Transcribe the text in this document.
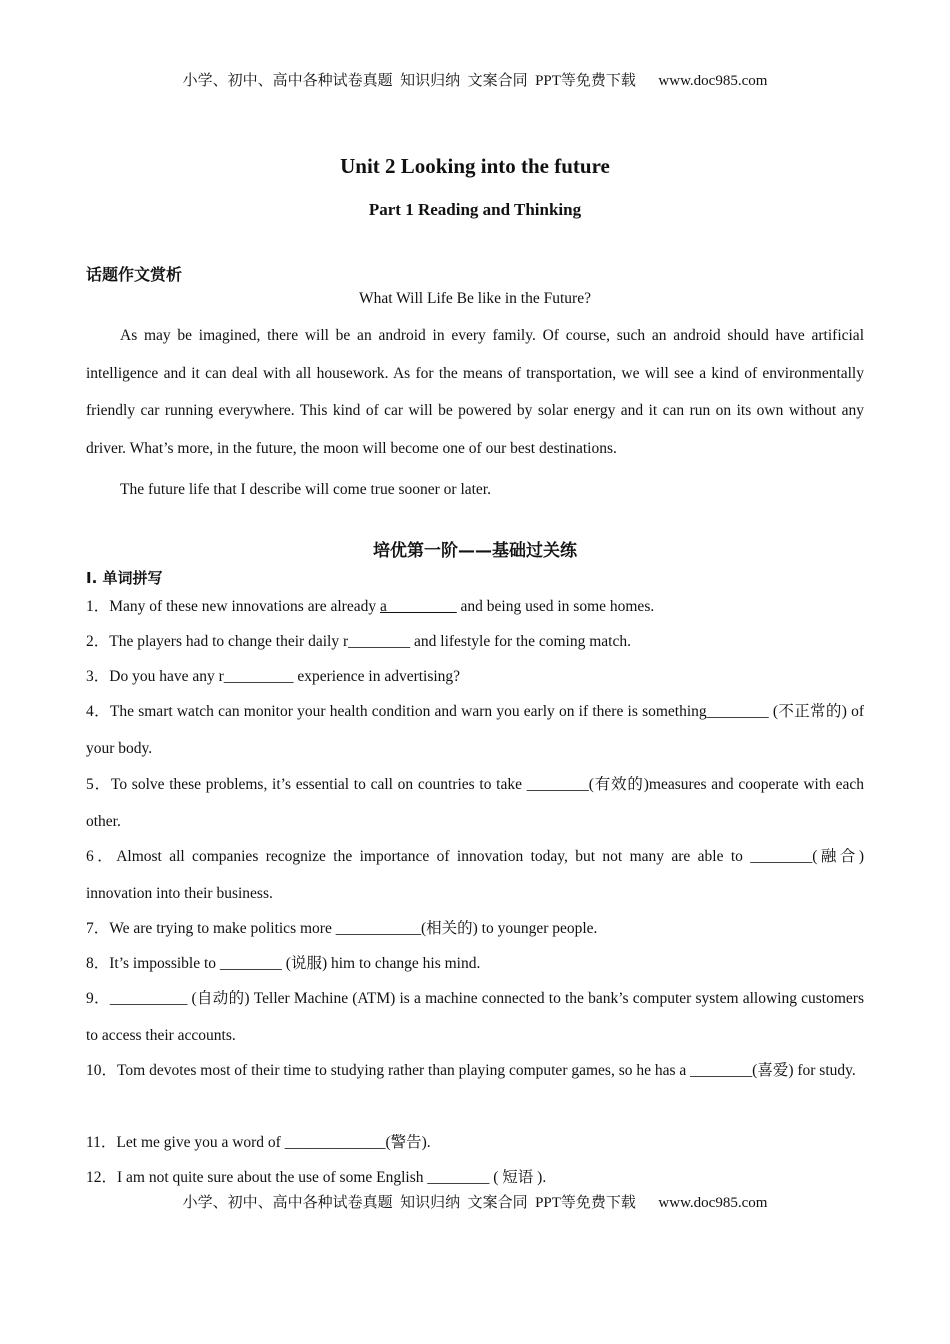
小学、初中、高中各种试卷真题  知识归纳  文案合同  PPT等免费下载      www.doc985.com
Unit 2 Looking into the future
Part 1 Reading and Thinking
话题作文赏析
What Will Life Be like in the Future?
As may be imagined, there will be an android in every family. Of course, such an android should have artificial intelligence and it can deal with all housework. As for the means of transportation, we will see a kind of environmentally friendly car running everywhere. This kind of car will be powered by solar energy and it can run on its own without any driver. What’s more, in the future, the moon will become one of our best destinations.
The future life that I describe will come true sooner or later.
培优第一阶——基础过关练
I. 单词拼写
1．Many of these new innovations are already a_________ and being used in some homes.
2．The players had to change their daily r________ and lifestyle for the coming match.
3．Do you have any r_________ experience in advertising?
4．The smart watch can monitor your health condition and warn you early on if there is something________ (不正常的) of your body.
5．To solve these problems, it’s essential to call on countries to take ________(有效的)measures and cooperate with each other.
6．Almost all companies recognize the importance of innovation today, but not many are able to ________(融合) innovation into their business.
7．We are trying to make politics more ___________(相关的) to younger people.
8．It’s impossible to ________ (说服) him to change his mind.
9．__________ (自动的) Teller Machine (ATM) is a machine connected to the bank’s computer system allowing customers to access their accounts.
10．Tom devotes most of their time to studying rather than playing computer games, so he has a ________(喜爱) for study.
11．Let me give you a word of _____________(警告).
12．I am not quite sure about the use of some English ________ ( 短语 ).
小学、初中、高中各种试卷真题  知识归纳  文案合同  PPT等免费下载      www.doc985.com
